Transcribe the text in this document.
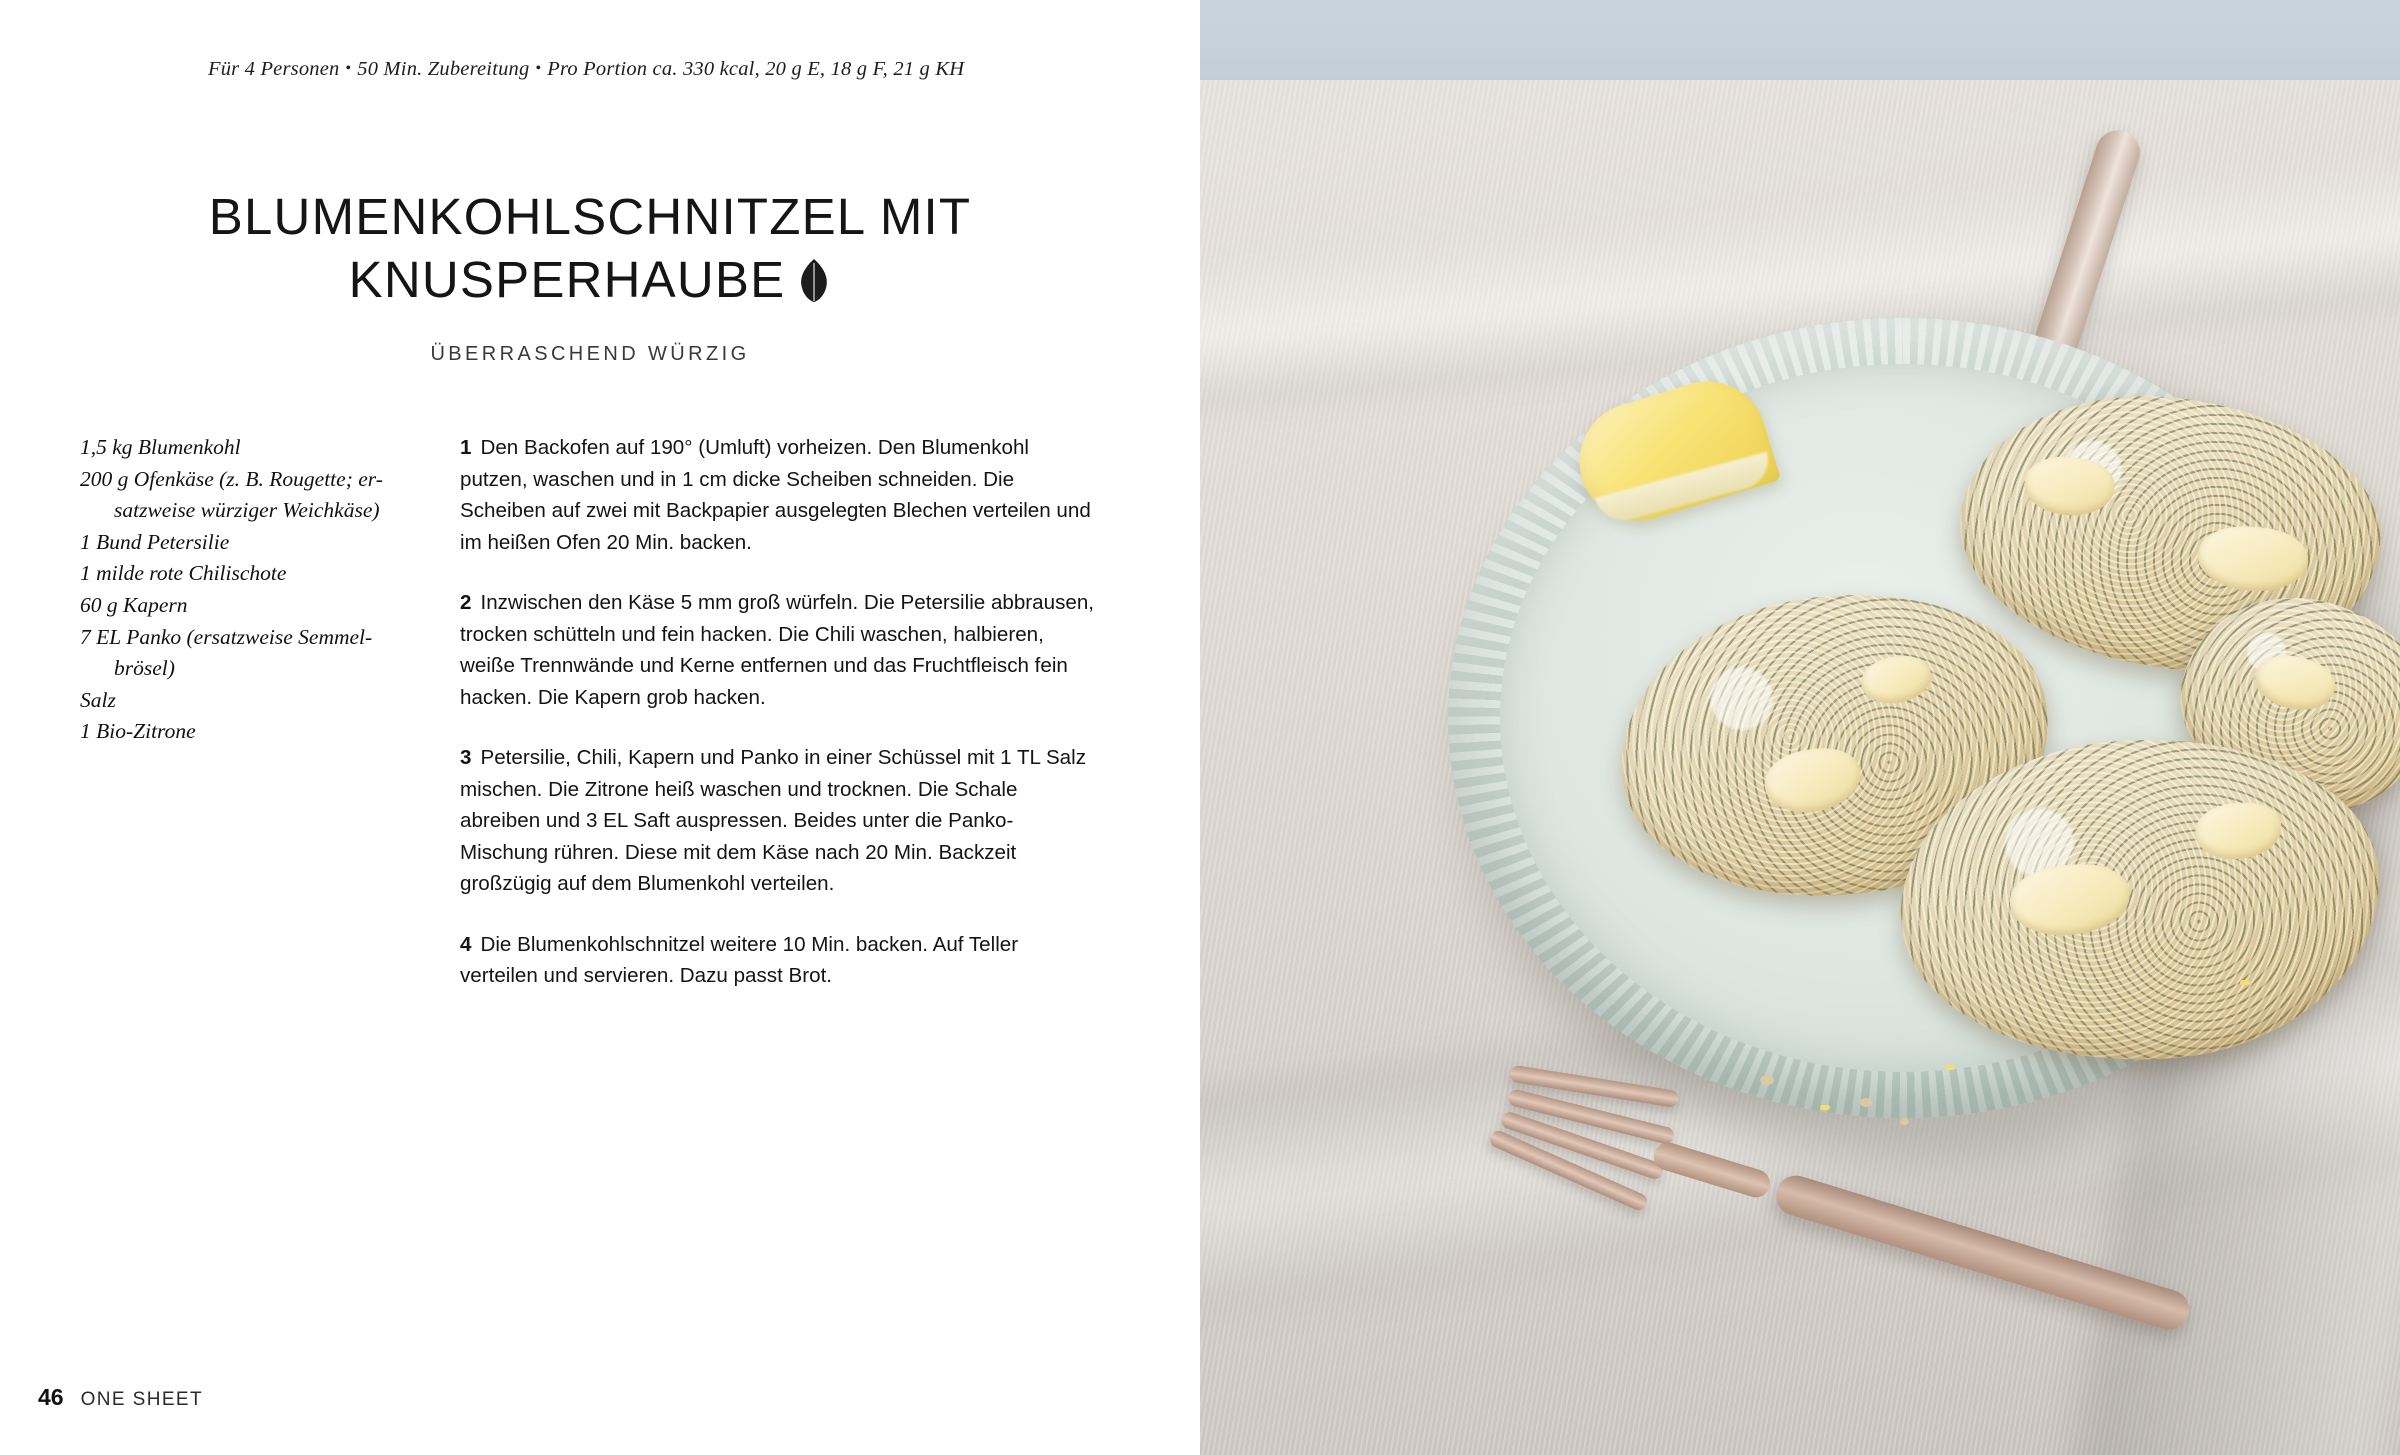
Für 4 Personen • 50 Min. Zubereitung • Pro Portion ca. 330 kcal, 20 g E, 18 g F, 21 g KH
BLUMENKOHLSCHNITZEL MIT KNUSPERHAUBE
ÜBERRASCHEND WÜRZIG

1,5 kg Blumenkohl

200 g Ofenkäse (z. B. Rougette; er-
satzweise würziger Weichkäse)

1 Bund Petersilie

1 milde rote Chilischote

60 g Kapern

7 EL Panko (ersatzweise Semmel-
brösel)

Salz

1 Bio-Zitrone

1 Den Backofen auf 190° (Umluft) vorheizen. Den Blumenkohl putzen, waschen und in 1 cm dicke Scheiben schneiden. Die Scheiben auf zwei mit Backpapier ausgelegten Blechen verteilen und im heißen Ofen 20 Min. backen.

2 Inzwischen den Käse 5 mm groß würfeln. Die Petersilie abbrausen, trocken schütteln und fein hacken. Die Chili waschen, halbieren, weiße Trennwände und Kerne entfernen und das Fruchtfleisch fein hacken. Die Kapern grob hacken.

3 Petersilie, Chili, Kapern und Panko in einer Schüssel mit 1 TL Salz mischen. Die Zitrone heiß waschen und trocknen. Die Schale abreiben und 3 EL Saft auspressen. Beides unter die Panko-Mischung rühren. Diese mit dem Käse nach 20 Min. Backzeit großzügig auf dem Blumenkohl verteilen.

4 Die Blumenkohlschnitzel weitere 10 Min. backen. Auf Teller verteilen und servieren. Dazu passt Brot.

46 ONE SHEET
